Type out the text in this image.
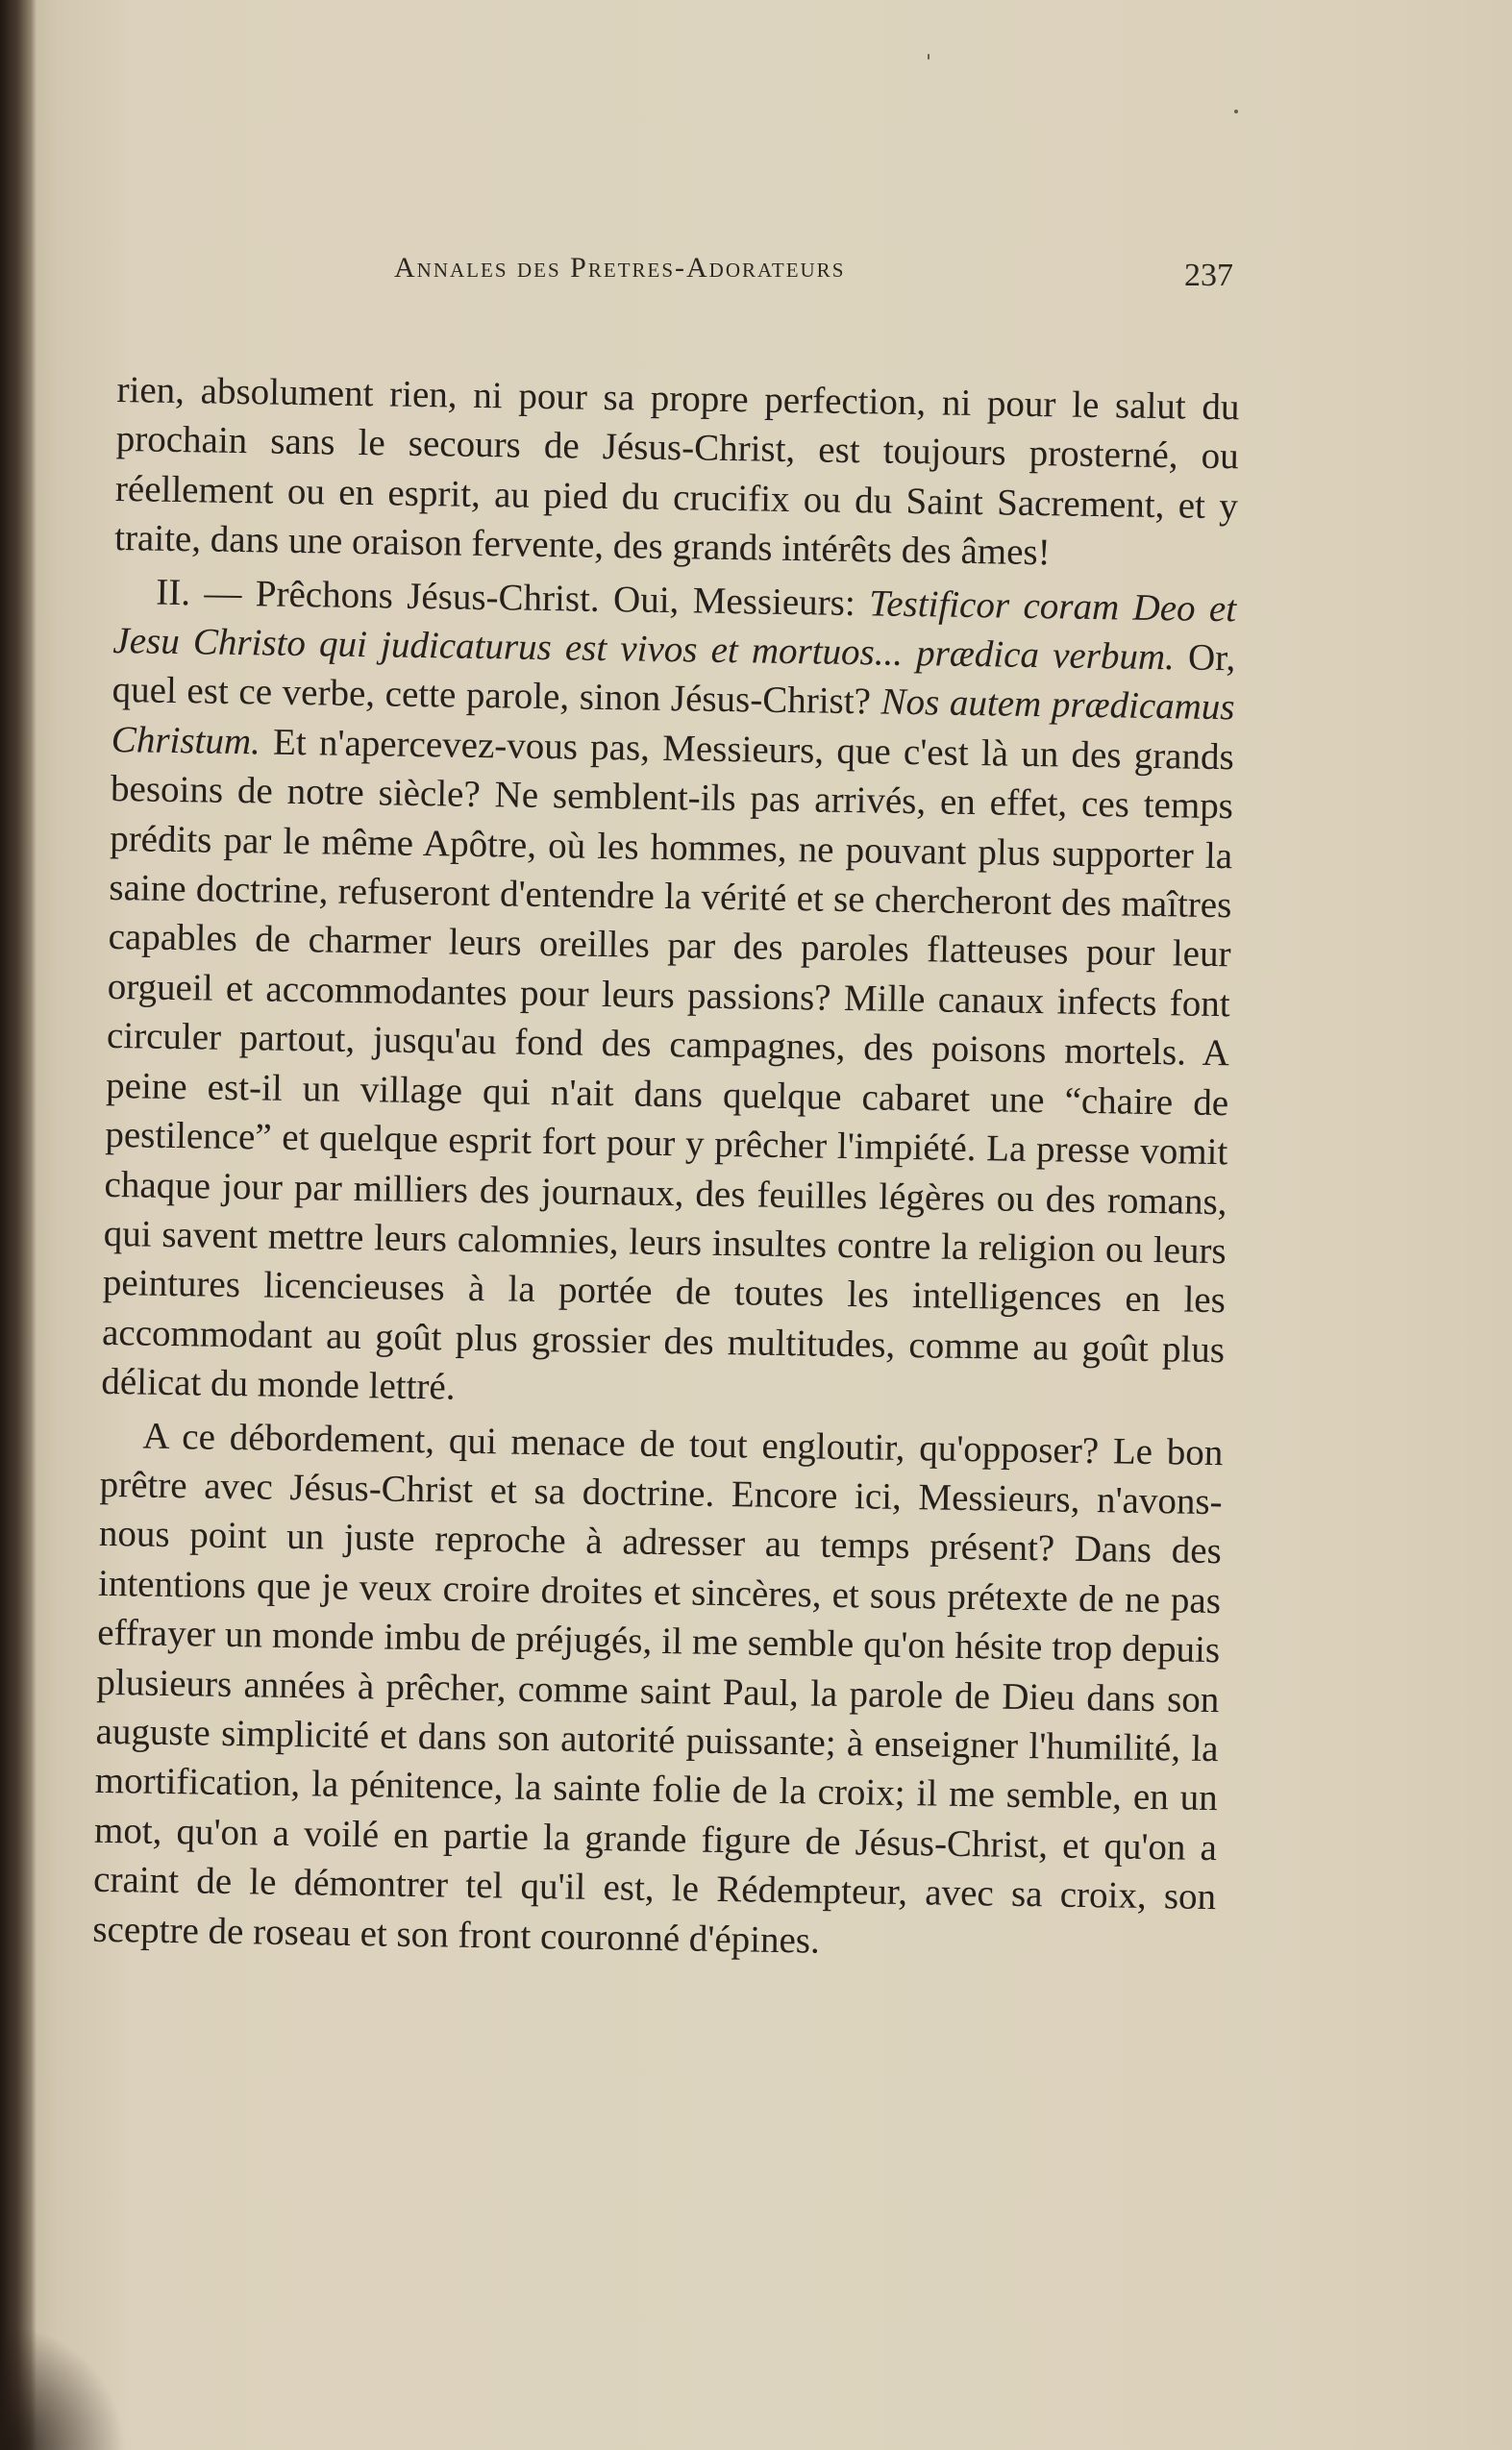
Annales des Pretres-Adorateurs	237

rien, absolument rien, ni pour sa propre perfection, ni pour le salut du prochain sans le secours de Jésus-Christ, est toujours prosterné, ou réellement ou en esprit, au pied du crucifix ou du Saint Sacrement, et y traite, dans une oraison fervente, des grands intérêts des âmes!

II. — Prêchons Jésus-Christ. Oui, Messieurs: Testificor coram Deo et Jesu Christo qui judicaturus est vivos et mortuos... prædica verbum. Or, quel est ce verbe, cette parole, sinon Jésus-Christ? Nos autem prædicamus Christum. Et n'apercevez-vous pas, Messieurs, que c'est là un des grands besoins de notre siècle? Ne semblent-ils pas arrivés, en effet, ces temps prédits par le même Apôtre, où les hommes, ne pouvant plus supporter la saine doctrine, refuseront d'entendre la vérité et se chercheront des maîtres capables de charmer leurs oreilles par des paroles flatteuses pour leur orgueil et accommodantes pour leurs passions? Mille canaux infects font circuler partout, jusqu'au fond des campagnes, des poisons mortels. A peine est-il un village qui n'ait dans quelque cabaret une “chaire de pestilence” et quelque esprit fort pour y prêcher l'impiété. La presse vomit chaque jour par milliers des journaux, des feuilles légères ou des romans, qui savent mettre leurs calomnies, leurs insultes contre la religion ou leurs peintures licencieuses à la portée de toutes les intelligences en les accommodant au goût plus grossier des multitudes, comme au goût plus délicat du monde lettré.

A ce débordement, qui menace de tout engloutir, qu'opposer? Le bon prêtre avec Jésus-Christ et sa doctrine. Encore ici, Messieurs, n'avons-nous point un juste reproche à adresser au temps présent? Dans des intentions que je veux croire droites et sincères, et sous prétexte de ne pas effrayer un monde imbu de préjugés, il me semble qu'on hésite trop depuis plusieurs années à prêcher, comme saint Paul, la parole de Dieu dans son auguste simplicité et dans son autorité puissante; à enseigner l'humilité, la mortification, la pénitence, la sainte folie de la croix; il me semble, en un mot, qu'on a voilé en partie la grande figure de Jésus-Christ, et qu'on a craint de le démontrer tel qu'il est, le Rédempteur, avec sa croix, son sceptre de roseau et son front couronné d'épines.
